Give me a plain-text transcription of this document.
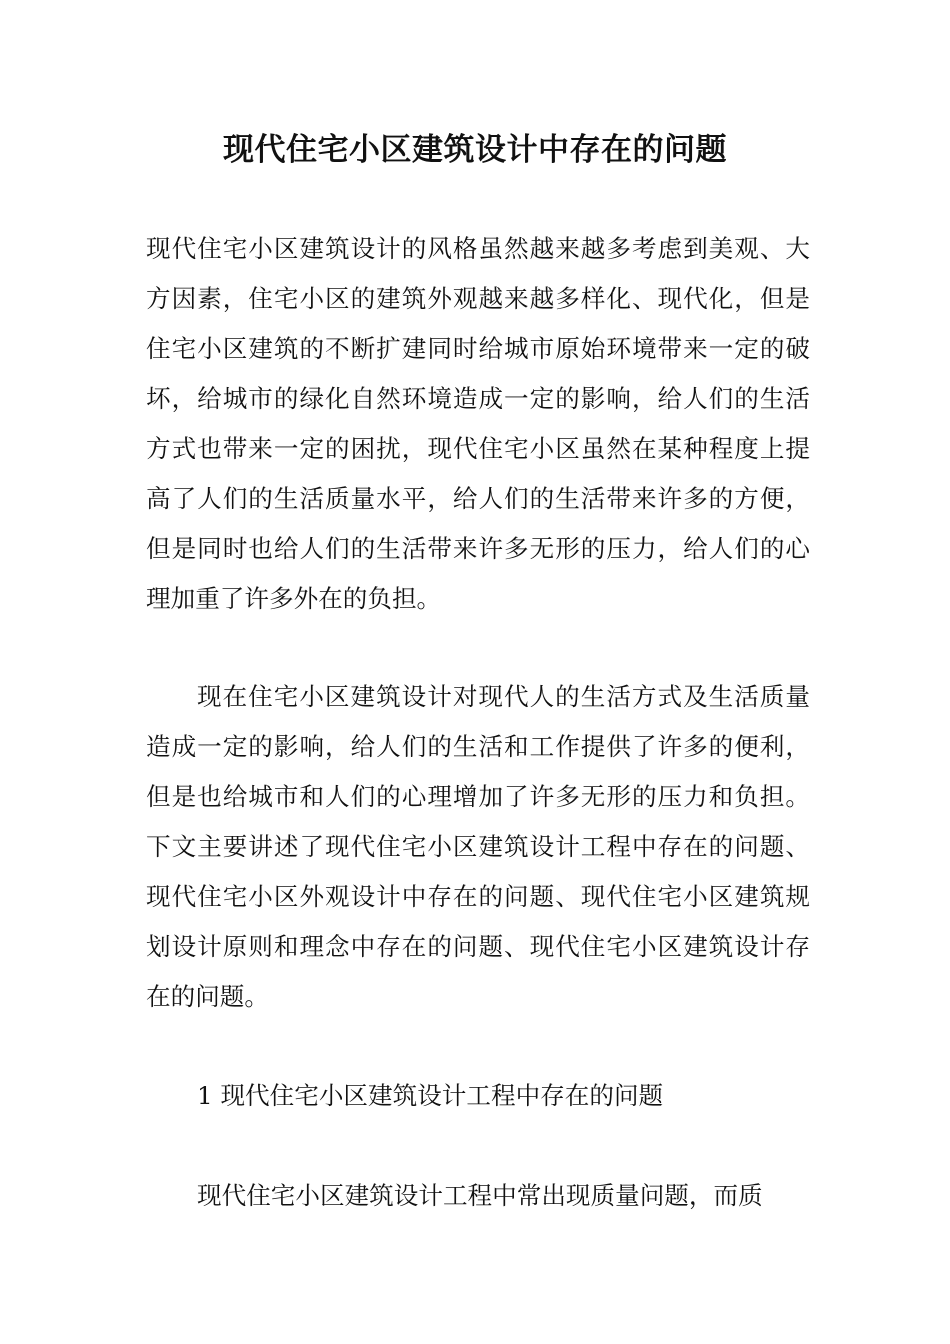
现代住宅小区建筑设计中存在的问题

现代住宅小区建筑设计的风格虽然越来越多考虑到美观、大方因素，住宅小区的建筑外观越来越多样化、现代化，但是住宅小区建筑的不断扩建同时给城市原始环境带来一定的破坏，给城市的绿化自然环境造成一定的影响，给人们的生活方式也带来一定的困扰，现代住宅小区虽然在某种程度上提高了人们的生活质量水平，给人们的生活带来许多的方便，但是同时也给人们的生活带来许多无形的压力，给人们的心理加重了许多外在的负担。

现在住宅小区建筑设计对现代人的生活方式及生活质量造成一定的影响，给人们的生活和工作提供了许多的便利，但是也给城市和人们的心理增加了许多无形的压力和负担。下文主要讲述了现代住宅小区建筑设计工程中存在的问题、现代住宅小区外观设计中存在的问题、现代住宅小区建筑规划设计原则和理念中存在的问题、现代住宅小区建筑设计存在的问题。

1 现代住宅小区建筑设计工程中存在的问题

现代住宅小区建筑设计工程中常出现质量问题，而质
